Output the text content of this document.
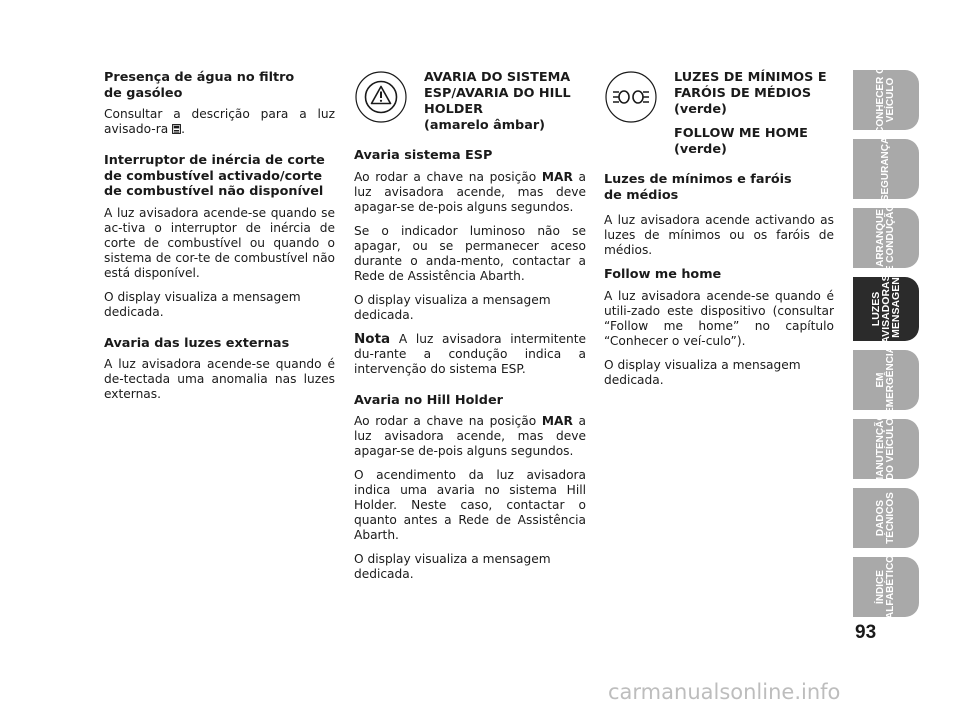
Presença de água no filtro
de gasóleo

Consultar a descrição para a luz avisado-ra .

Interruptor de inércia de corte de combustível activado/corte de combustível não disponível

A luz avisadora acende-se quando se ac-tiva o interruptor de inércia de corte de combustível ou quando o sistema de cor-te de combustível não está disponível.

O display visualiza a mensagem dedicada.

Avaria das luzes externas

A luz avisadora acende-se quando é de-tectada uma anomalia nas luzes externas.

AVARIA DO SISTEMA ESP/AVARIA DO HILL HOLDER

(amarelo âmbar)

Avaria sistema ESP

Ao rodar a chave na posição MAR a luz avisadora acende, mas deve apagar-se de-pois alguns segundos.

Se o indicador luminoso não se apagar, ou se permanecer aceso durante o anda-mento, contactar a Rede de Assistência Abarth.

O display visualiza a mensagem dedicada.

Nota A luz avisadora intermitente du-rante a condução indica a intervenção do sistema ESP.

Avaria no Hill Holder

Ao rodar a chave na posição MAR a luz avisadora acende, mas deve apagar-se de-pois alguns segundos.

O acendimento da luz avisadora indica uma avaria no sistema Hill Holder. Neste caso, contactar o quanto antes a Rede de Assistência Abarth.

O display visualiza a mensagem dedicada.

LUZES DE MÍNIMOS E FARÓIS DE MÉDIOS

(verde)

FOLLOW ME HOME

(verde)

Luzes de mínimos e faróis de médios

A luz avisadora acende activando as luzes de mínimos ou os faróis de médios.

Follow me home

A luz avisadora acende-se quando é utili-zado este dispositivo (consultar “Follow me home” no capítulo “Conhecer o veí-culo”).

O display visualiza a mensagem dedicada.

CONHECER O
VEÍCULO
SEGURANÇA
ARRANQUE
E CONDUÇÃO
LUZES
AVISADORAS
E MENSAGENS
EM
EMERGÊNCIA
MANUTENÇÃO
DO VEÍCULO
DADOS
TÉCNICOS
ÍNDICE
ALFABÉTICO
93
carmanualsonline.info
